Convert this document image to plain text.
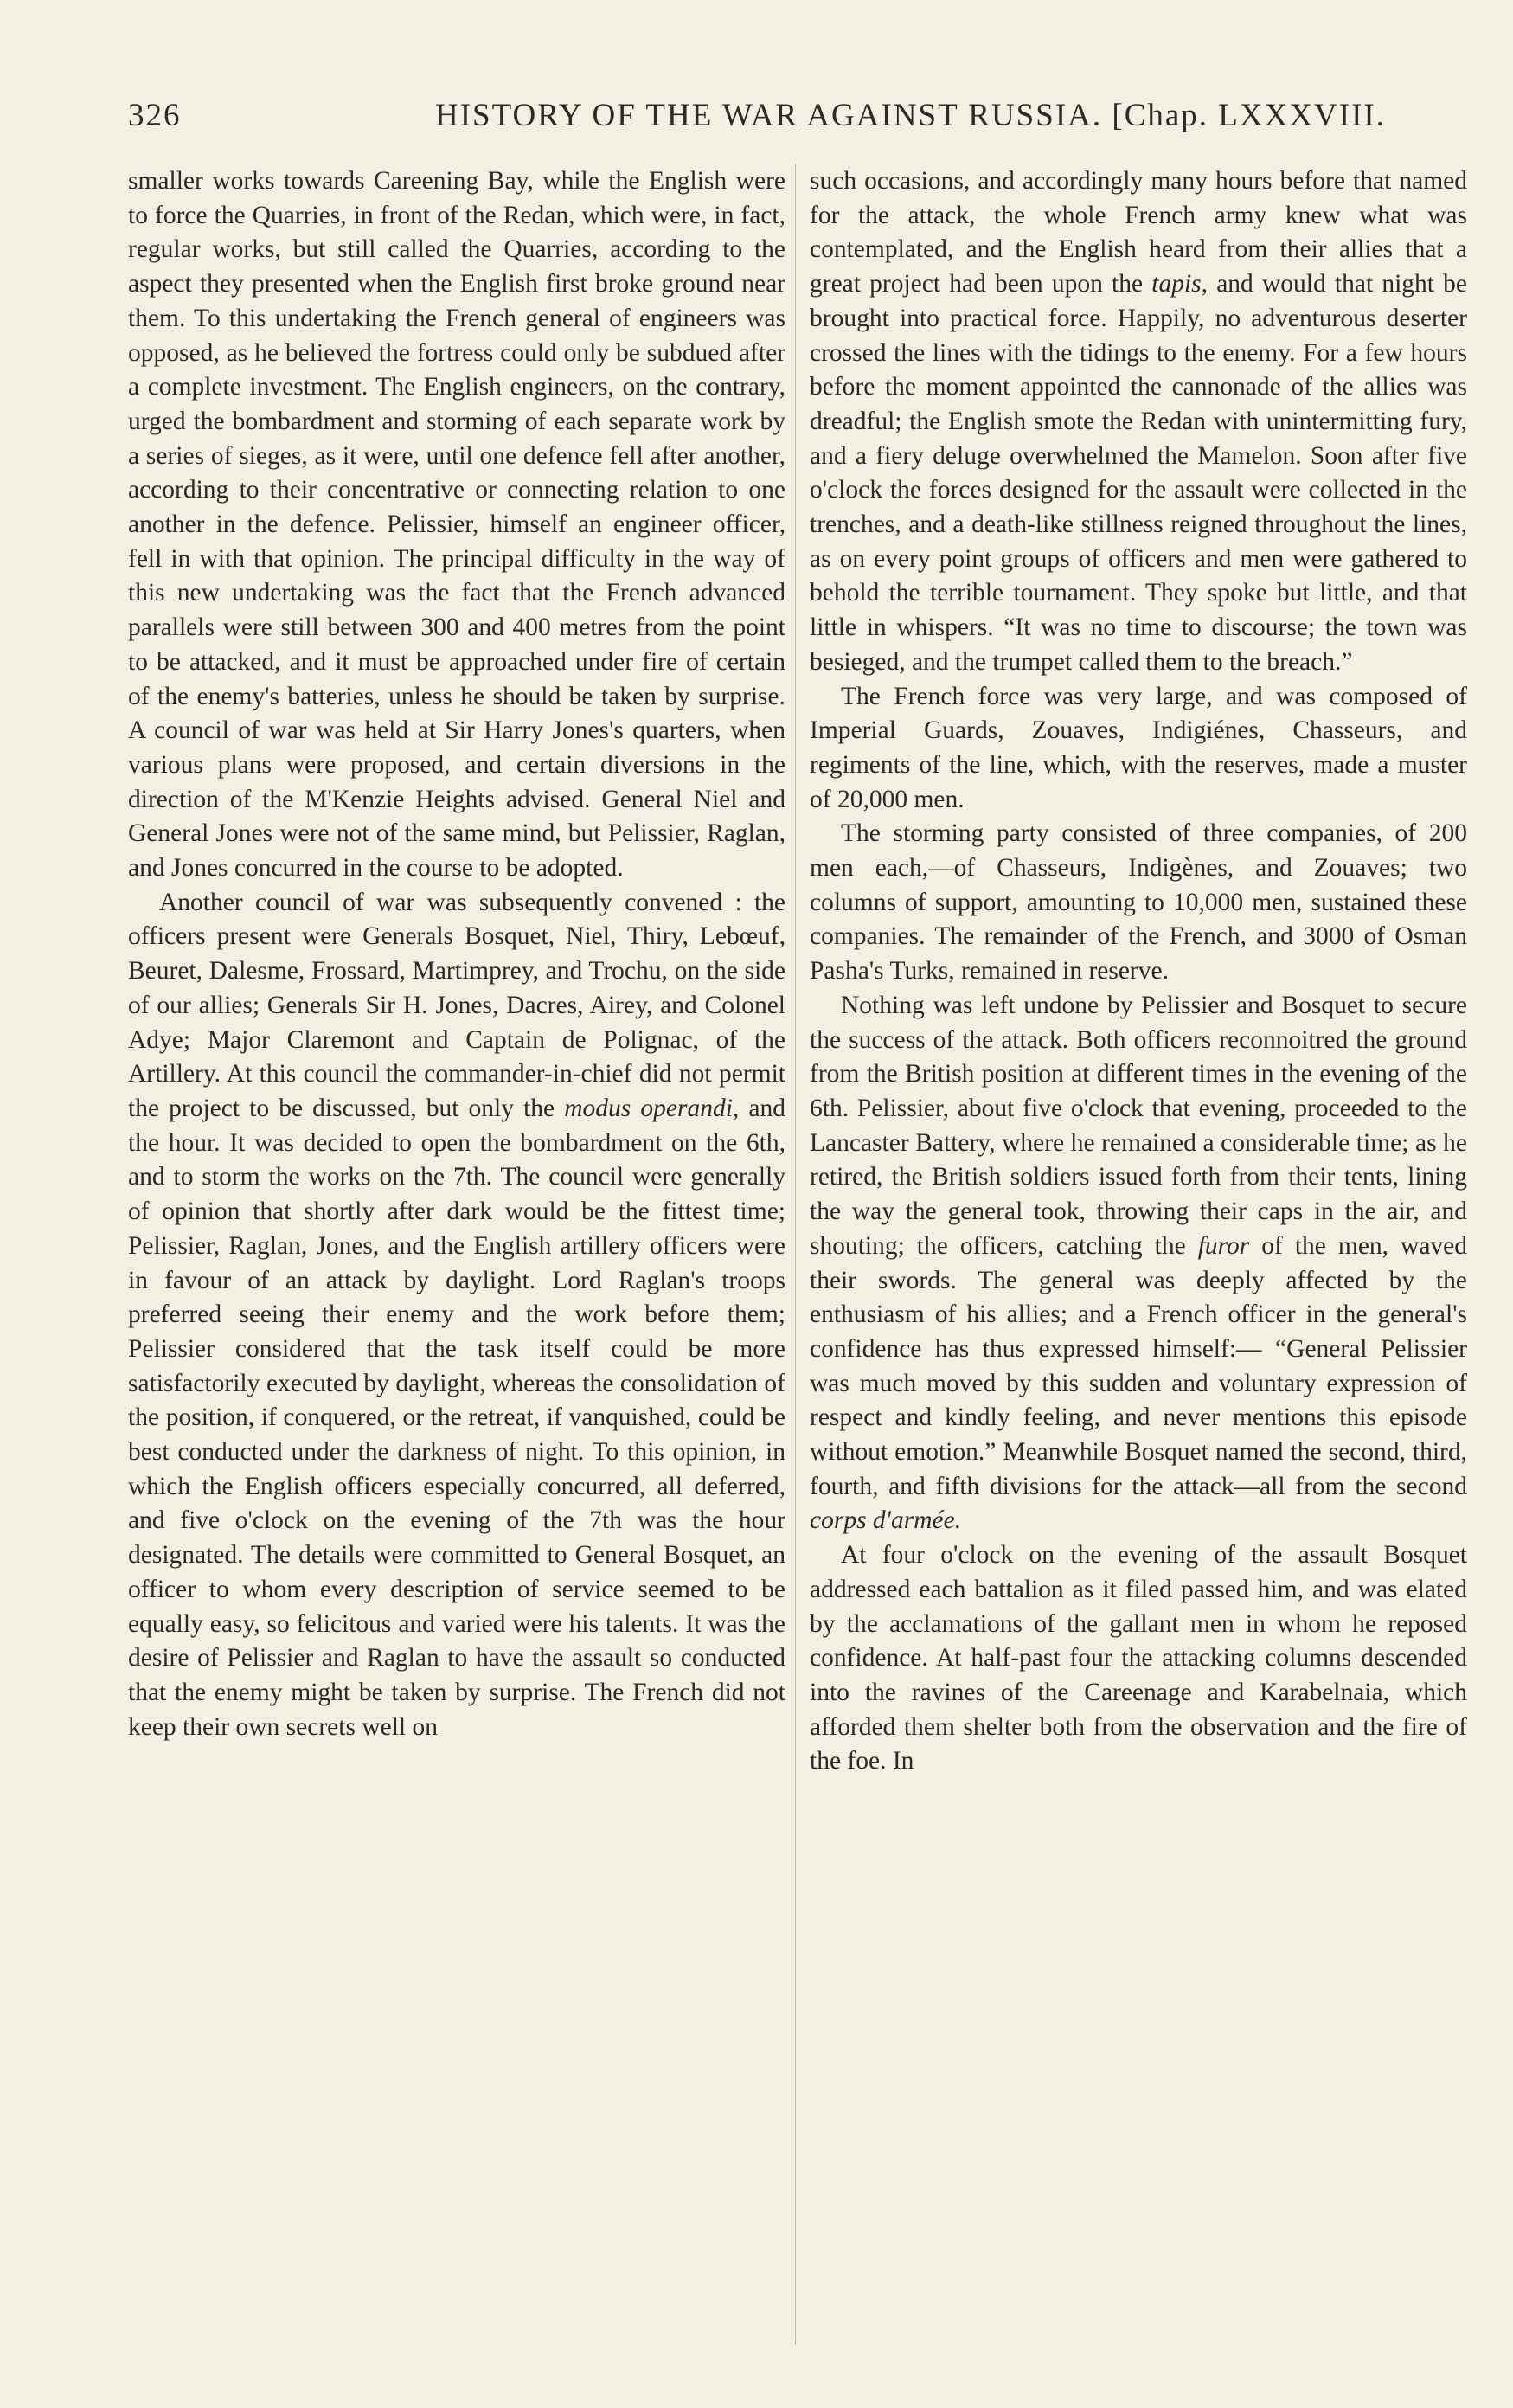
326	HISTORY OF THE WAR AGAINST RUSSIA. [Chap. LXXXVIII.

smaller works towards Careening Bay, while the English were to force the Quarries, in front of the Redan, which were, in fact, regular works, but still called the Quarries, according to the aspect they presented when the English first broke ground near them. To this undertaking the French general of engineers was opposed, as he believed the fortress could only be subdued after a complete investment. The English engineers, on the contrary, urged the bombardment and storming of each separate work by a series of sieges, as it were, until one defence fell after another, according to their concentrative or connecting relation to one another in the defence. Pelissier, himself an engineer officer, fell in with that opinion. The principal difficulty in the way of this new undertaking was the fact that the French advanced parallels were still between 300 and 400 metres from the point to be attacked, and it must be approached under fire of certain of the enemy's batteries, unless he should be taken by surprise. A council of war was held at Sir Harry Jones's quarters, when various plans were proposed, and certain diversions in the direction of the M'Kenzie Heights advised. General Niel and General Jones were not of the same mind, but Pelissier, Raglan, and Jones concurred in the course to be adopted.

Another council of war was subsequently convened : the officers present were Generals Bosquet, Niel, Thiry, Lebœuf, Beuret, Dalesme, Frossard, Martimprey, and Trochu, on the side of our allies; Generals Sir H. Jones, Dacres, Airey, and Colonel Adye; Major Claremont and Captain de Polignac, of the Artillery. At this council the commander-in-chief did not permit the project to be discussed, but only the modus operandi, and the hour. It was decided to open the bombardment on the 6th, and to storm the works on the 7th. The council were generally of opinion that shortly after dark would be the fittest time; Pelissier, Raglan, Jones, and the English artillery officers were in favour of an attack by daylight. Lord Raglan's troops preferred seeing their enemy and the work before them; Pelissier considered that the task itself could be more satisfactorily executed by daylight, whereas the consolidation of the position, if conquered, or the retreat, if vanquished, could be best conducted under the darkness of night. To this opinion, in which the English officers especially concurred, all deferred, and five o'clock on the evening of the 7th was the hour designated. The details were committed to General Bosquet, an officer to whom every description of service seemed to be equally easy, so felicitous and varied were his talents. It was the desire of Pelissier and Raglan to have the assault so conducted that the enemy might be taken by surprise. The French did not keep their own secrets well on

such occasions, and accordingly many hours before that named for the attack, the whole French army knew what was contemplated, and the English heard from their allies that a great project had been upon the tapis, and would that night be brought into practical force. Happily, no adventurous deserter crossed the lines with the tidings to the enemy. For a few hours before the moment appointed the cannonade of the allies was dreadful; the English smote the Redan with unintermitting fury, and a fiery deluge overwhelmed the Mamelon. Soon after five o'clock the forces designed for the assault were collected in the trenches, and a death-like stillness reigned throughout the lines, as on every point groups of officers and men were gathered to behold the terrible tournament. They spoke but little, and that little in whispers. “It was no time to discourse; the town was besieged, and the trumpet called them to the breach.”

The French force was very large, and was composed of Imperial Guards, Zouaves, Indigiénes, Chasseurs, and regiments of the line, which, with the reserves, made a muster of 20,000 men.

The storming party consisted of three companies, of 200 men each,—of Chasseurs, Indigènes, and Zouaves; two columns of support, amounting to 10,000 men, sustained these companies. The remainder of the French, and 3000 of Osman Pasha's Turks, remained in reserve.

Nothing was left undone by Pelissier and Bosquet to secure the success of the attack. Both officers reconnoitred the ground from the British position at different times in the evening of the 6th. Pelissier, about five o'clock that evening, proceeded to the Lancaster Battery, where he remained a considerable time; as he retired, the British soldiers issued forth from their tents, lining the way the general took, throwing their caps in the air, and shouting; the officers, catching the furor of the men, waved their swords. The general was deeply affected by the enthusiasm of his allies; and a French officer in the general's confidence has thus expressed himself:— “General Pelissier was much moved by this sudden and voluntary expression of respect and kindly feeling, and never mentions this episode without emotion.” Meanwhile Bosquet named the second, third, fourth, and fifth divisions for the attack—all from the second corps d'armée.

At four o'clock on the evening of the assault Bosquet addressed each battalion as it filed passed him, and was elated by the acclamations of the gallant men in whom he reposed confidence. At half-past four the attacking columns descended into the ravines of the Careenage and Karabelnaia, which afforded them shelter both from the observation and the fire of the foe. In
